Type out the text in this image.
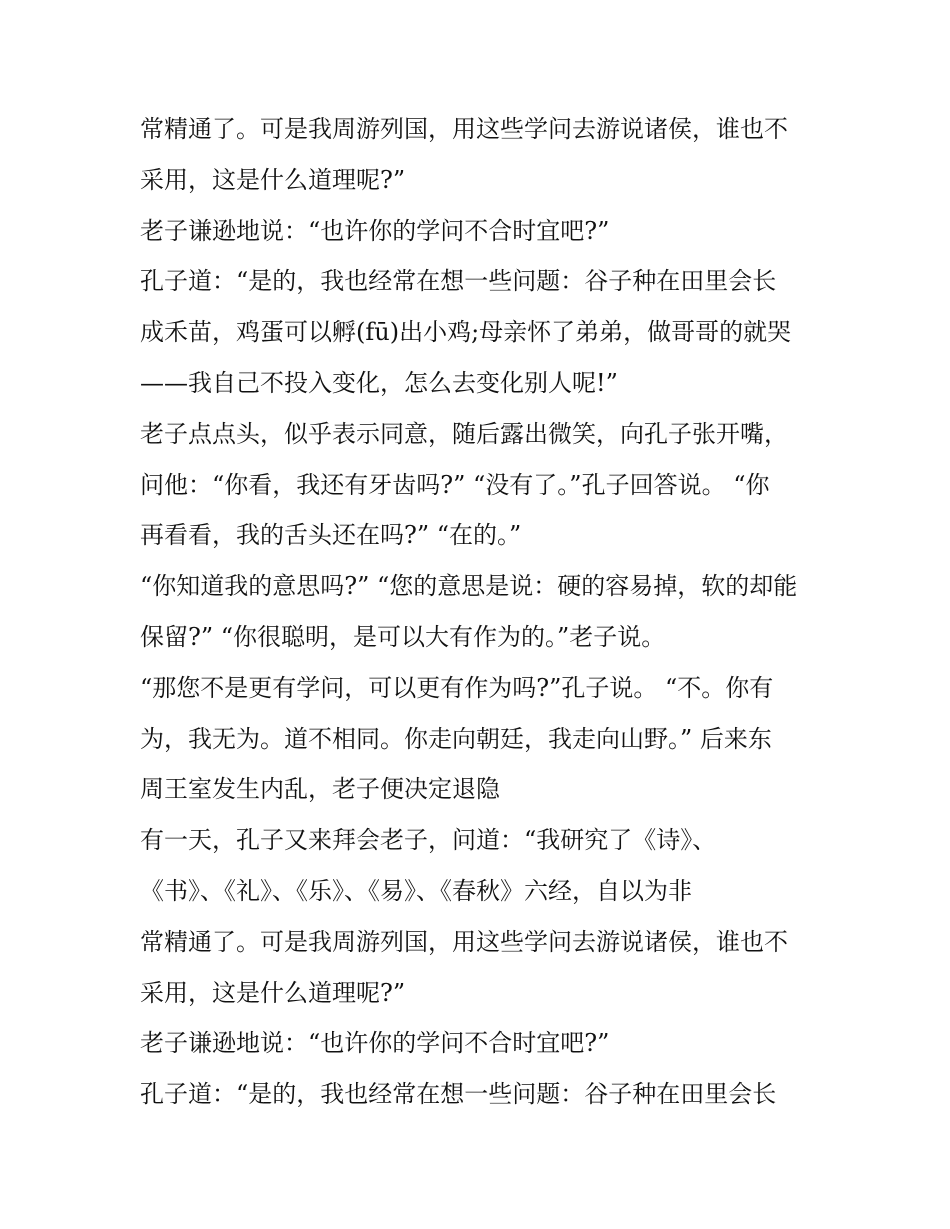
常精通了。可是我周游列国，用这些学问去游说诸侯，谁也不
采用，这是什么道理呢?”
老子谦逊地说：“也许你的学问不合时宜吧?”
孔子道：“是的，我也经常在想一些问题：谷子种在田里会长
成禾苗，鸡蛋可以孵(fū)出小鸡;母亲怀了弟弟，做哥哥的就哭
——我自己不投入变化，怎么去变化别人呢!”
老子点点头，似乎表示同意，随后露出微笑，向孔子张开嘴，
问他：“你看，我还有牙齿吗?” “没有了。”孔子回答说。 “你
再看看，我的舌头还在吗?” “在的。”
“你知道我的意思吗?” “您的意思是说：硬的容易掉，软的却能
保留?” “你很聪明，是可以大有作为的。”老子说。
“那您不是更有学问，可以更有作为吗?”孔子说。 “不。你有
为，我无为。道不相同。你走向朝廷，我走向山野。” 后来东
周王室发生内乱，老子便决定退隐
有一天，孔子又来拜会老子，问道：“我研究了《诗》、
《书》、《礼》、《乐》、《易》、《春秋》六经，自以为非
常精通了。可是我周游列国，用这些学问去游说诸侯，谁也不
采用，这是什么道理呢?”
老子谦逊地说：“也许你的学问不合时宜吧?”
孔子道：“是的，我也经常在想一些问题：谷子种在田里会长
